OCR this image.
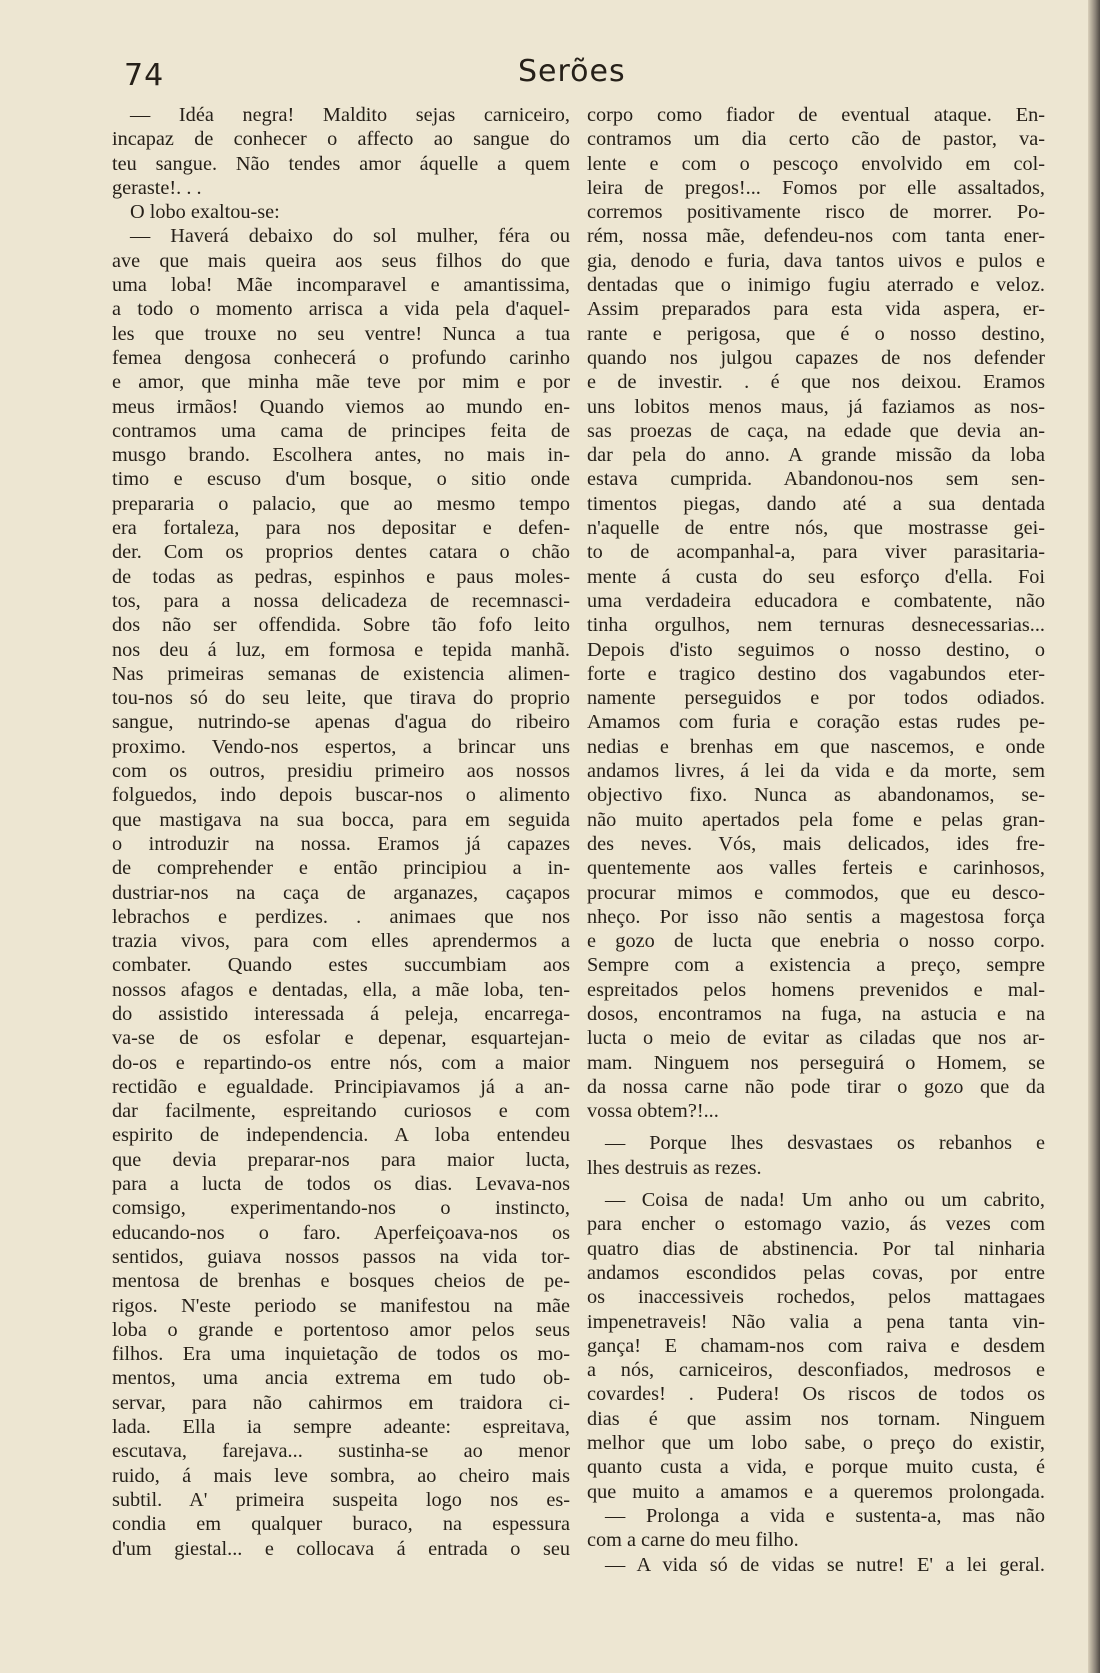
74	Serões
— Idéa negra! Maldito sejas carniceiro,
incapaz de conhecer o affecto ao sangue do
teu sangue. Não tendes amor áquelle a quem
geraste!. . .
O lobo exaltou-se:
— Haverá debaixo do sol mulher, féra ou
ave que mais queira aos seus filhos do que
uma loba! Mãe incomparavel e amantissima,
a todo o momento arrisca a vida pela d'aquel-
les que trouxe no seu ventre! Nunca a tua
femea dengosa conhecerá o profundo carinho
e amor, que minha mãe teve por mim e por
meus irmãos! Quando viemos ao mundo en-
contramos uma cama de principes feita de
musgo brando. Escolhera antes, no mais in-
timo e escuso d'um bosque, o sitio onde
prepararia o palacio, que ao mesmo tempo
era fortaleza, para nos depositar e defen-
der. Com os proprios dentes catara o chão
de todas as pedras, espinhos e paus moles-
tos, para a nossa delicadeza de recemnasci-
dos não ser offendida. Sobre tão fofo leito
nos deu á luz, em formosa e tepida manhã.
Nas primeiras semanas de existencia alimen-
tou-nos só do seu leite, que tirava do proprio
sangue, nutrindo-se apenas d'agua do ribeiro
proximo. Vendo-nos espertos, a brincar uns
com os outros, presidiu primeiro aos nossos
folguedos, indo depois buscar-nos o alimento
que mastigava na sua bocca, para em seguida
o introduzir na nossa. Eramos já capazes
de comprehender e então principiou a in-
dustriar-nos na caça de arganazes, caçapos
lebrachos e perdizes. . animaes que nos
trazia vivos, para com elles aprendermos a
combater. Quando estes succumbiam aos
nossos afagos e dentadas, ella, a mãe loba, ten-
do assistido interessada á peleja, encarrega-
va-se de os esfolar e depenar, esquartejan-
do-os e repartindo-os entre nós, com a maior
rectidão e egualdade. Principiavamos já a an-
dar facilmente, espreitando curiosos e com
espirito de independencia. A loba entendeu
que devia preparar-nos para maior lucta,
para a lucta de todos os dias. Levava-nos
comsigo, experimentando-nos o instincto,
educando-nos o faro. Aperfeiçoava-nos os
sentidos, guiava nossos passos na vida tor-
mentosa de brenhas e bosques cheios de pe-
rigos. N'este periodo se manifestou na mãe
loba o grande e portentoso amor pelos seus
filhos. Era uma inquietação de todos os mo-
mentos, uma ancia extrema em tudo ob-
servar, para não cahirmos em traidora ci-
lada. Ella ia sempre adeante: espreitava,
escutava, farejava... sustinha-se ao menor
ruido, á mais leve sombra, ao cheiro mais
subtil. A' primeira suspeita logo nos es-
condia em qualquer buraco, na espessura
d'um giestal... e collocava á entrada o seu
corpo como fiador de eventual ataque. En-
contramos um dia certo cão de pastor, va-
lente e com o pescoço envolvido em col-
leira de pregos!... Fomos por elle assaltados,
corremos positivamente risco de morrer. Po-
rém, nossa mãe, defendeu-nos com tanta ener-
gia, denodo e furia, dava tantos uivos e pulos e
dentadas que o inimigo fugiu aterrado e veloz.
Assim preparados para esta vida aspera, er-
rante e perigosa, que é o nosso destino,
quando nos julgou capazes de nos defender
e de investir. . é que nos deixou. Eramos
uns lobitos menos maus, já faziamos as nos-
sas proezas de caça, na edade que devia an-
dar pela do anno. A grande missão da loba
estava cumprida. Abandonou-nos sem sen-
timentos piegas, dando até a sua dentada
n'aquelle de entre nós, que mostrasse gei-
to de acompanhal-a, para viver parasitaria-
mente á custa do seu esforço d'ella. Foi
uma verdadeira educadora e combatente, não
tinha orgulhos, nem ternuras desnecessarias...
Depois d'isto seguimos o nosso destino, o
forte e tragico destino dos vagabundos eter-
namente perseguidos e por todos odiados.
Amamos com furia e coração estas rudes pe-
nedias e brenhas em que nascemos, e onde
andamos livres, á lei da vida e da morte, sem
objectivo fixo. Nunca as abandonamos, se-
não muito apertados pela fome e pelas gran-
des neves. Vós, mais delicados, ides fre-
quentemente aos valles ferteis e carinhosos,
procurar mimos e commodos, que eu desco-
nheço. Por isso não sentis a magestosa força
e gozo de lucta que enebria o nosso corpo.
Sempre com a existencia a preço, sempre
espreitados pelos homens prevenidos e mal-
dosos, encontramos na fuga, na astucia e na
lucta o meio de evitar as ciladas que nos ar-
mam. Ninguem nos perseguirá o Homem, se
da nossa carne não pode tirar o gozo que da
vossa obtem?!...
— Porque lhes desvastaes os rebanhos e
lhes destruis as rezes.
— Coisa de nada! Um anho ou um cabrito,
para encher o estomago vazio, ás vezes com
quatro dias de abstinencia. Por tal ninharia
andamos escondidos pelas covas, por entre
os inaccessiveis rochedos, pelos mattagaes
impenetraveis! Não valia a pena tanta vin-
gança! E chamam-nos com raiva e desdem
a nós, carniceiros, desconfiados, medrosos e
covardes! . Pudera! Os riscos de todos os
dias é que assim nos tornam. Ninguem
melhor que um lobo sabe, o preço do existir,
quanto custa a vida, e porque muito custa, é
que muito a amamos e a queremos prolongada.
— Prolonga a vida e sustenta-a, mas não
com a carne do meu filho.
— A vida só de vidas se nutre! E' a lei geral.
